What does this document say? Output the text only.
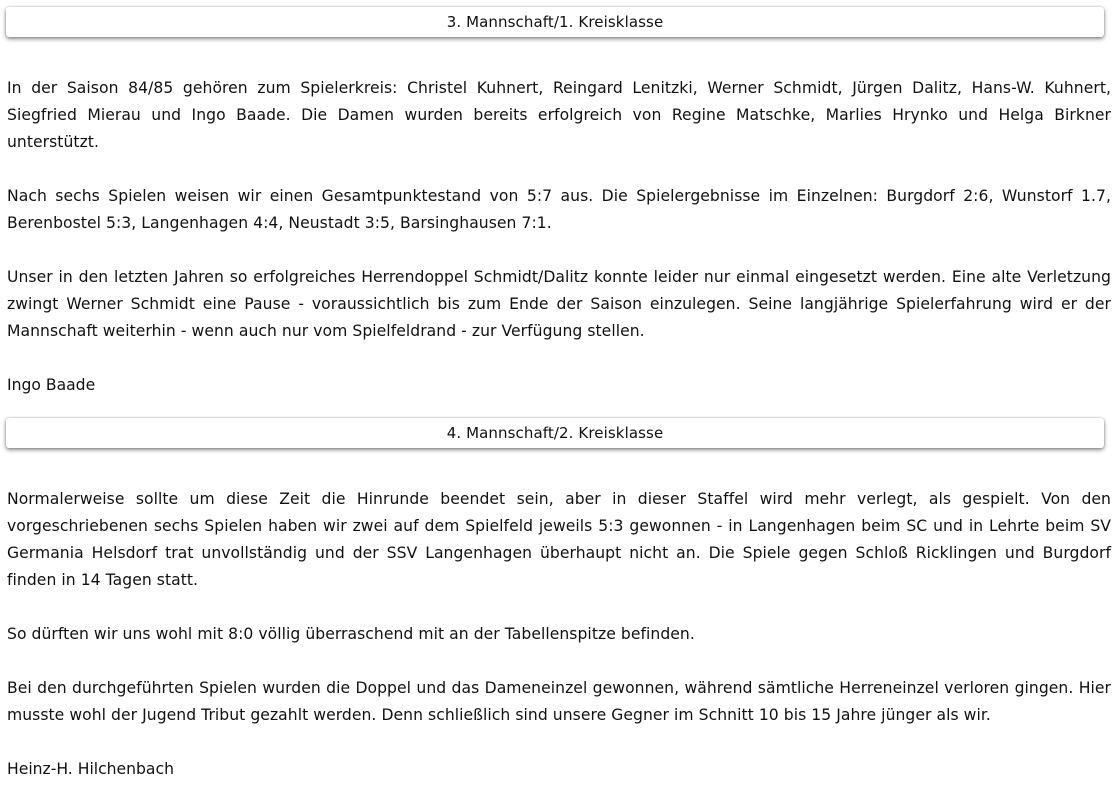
3. Mannschaft/1. Kreisklasse

In der Saison 84/85 gehören zum Spielerkreis: Christel Kuhnert, Reingard Lenitzki, Werner Schmidt, Jürgen Dalitz, Hans-W. Kuhnert, Siegfried Mierau und Ingo Baade. Die Damen wurden bereits erfolgreich von Regine Matschke, Marlies Hrynko und Helga Birkner unterstützt.

Nach sechs Spielen weisen wir einen Gesamtpunktestand von 5:7 aus. Die Spielergebnisse im Einzelnen: Burgdorf 2:6, Wunstorf 1.7, Berenbostel 5:3, Langenhagen 4:4, Neustadt 3:5, Barsinghausen 7:1.

Unser in den letzten Jahren so erfolgreiches Herrendoppel Schmidt/Dalitz konnte leider nur einmal eingesetzt werden. Eine alte Verletzung zwingt Werner Schmidt eine Pause - voraussichtlich bis zum Ende der Saison einzulegen. Seine langjährige Spielerfahrung wird er der Mannschaft weiterhin - wenn auch nur vom Spielfeldrand - zur Verfügung stellen.

Ingo Baade

4. Mannschaft/2. Kreisklasse

Normalerweise sollte um diese Zeit die Hinrunde beendet sein, aber in dieser Staffel wird mehr verlegt, als gespielt. Von den vorgeschriebenen sechs Spielen haben wir zwei auf dem Spielfeld jeweils 5:3 gewonnen - in Langenhagen beim SC und in Lehrte beim SV Germania Helsdorf trat unvollständig und der SSV Langenhagen überhaupt nicht an. Die Spiele gegen Schloß Ricklingen und Burgdorf finden in 14 Tagen statt.

So dürften wir uns wohl mit 8:0 völlig überraschend mit an der Tabellenspitze befinden.

Bei den durchgeführten Spielen wurden die Doppel und das Dameneinzel gewonnen, während sämtliche Herreneinzel verloren gingen. Hier musste wohl der Jugend Tribut gezahlt werden. Denn schließlich sind unsere Gegner im Schnitt 10 bis 15 Jahre jünger als wir.

Heinz-H. Hilchenbach
